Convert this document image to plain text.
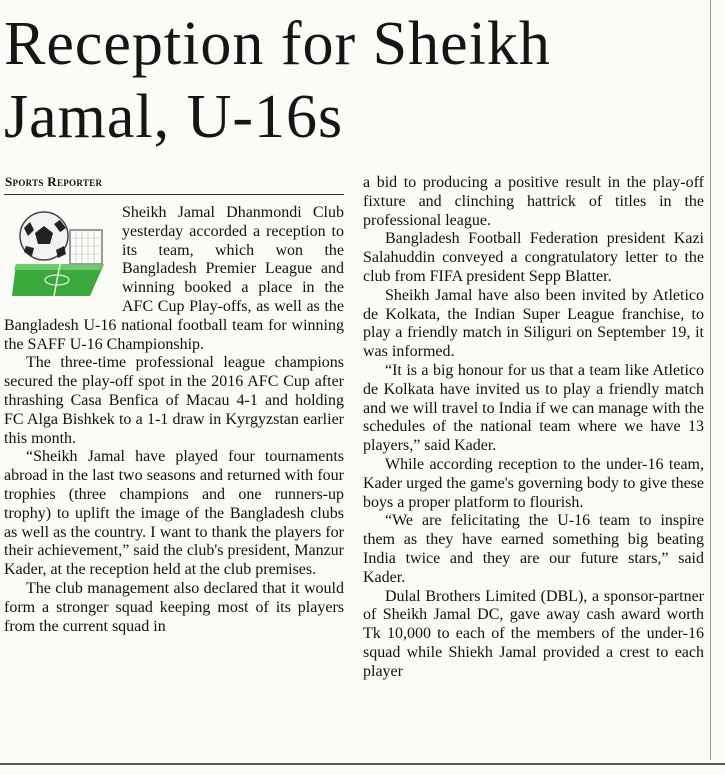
Reception for Sheikh Jamal, U-16s
Sports Reporter

Sheikh Jamal Dhanmondi Club yesterday accorded a reception to its team, which won the Bangladesh Premier League and winning booked a place in the AFC Cup Play-offs, as well as the Bangladesh U-16 national football team for winning the SAFF U-16 Championship.

The three-time professional league champions secured the play-off spot in the 2016 AFC Cup after thrashing Casa Benfica of Macau 4-1 and holding FC Alga Bishkek to a 1-1 draw in Kyrgyzstan earlier this month.

“Sheikh Jamal have played four tournaments abroad in the last two seasons and returned with four trophies (three champions and one runners-up trophy) to uplift the image of the Bangladesh clubs as well as the country. I want to thank the players for their achievement,” said the club's president, Manzur Kader, at the reception held at the club premises.

The club management also declared that it would form a stronger squad keeping most of its players from the current squad in

a bid to producing a positive result in the play-off fixture and clinching hattrick of titles in the professional league.

Bangladesh Football Federation president Kazi Salahuddin conveyed a congratulatory letter to the club from FIFA president Sepp Blatter.

Sheikh Jamal have also been invited by Atletico de Kolkata, the Indian Super League franchise, to play a friendly match in Siliguri on September 19, it was informed.

“It is a big honour for us that a team like Atletico de Kolkata have invited us to play a friendly match and we will travel to India if we can manage with the schedules of the national team where we have 13 players,” said Kader.

While according reception to the under-16 team, Kader urged the game's governing body to give these boys a proper platform to flourish.

“We are felicitating the U-16 team to inspire them as they have earned something big beating India twice and they are our future stars,” said Kader.

Dulal Brothers Limited (DBL), a sponsor-partner of Sheikh Jamal DC, gave away cash award worth Tk 10,000 to each of the members of the under-16 squad while Shiekh Jamal provided a crest to each player
